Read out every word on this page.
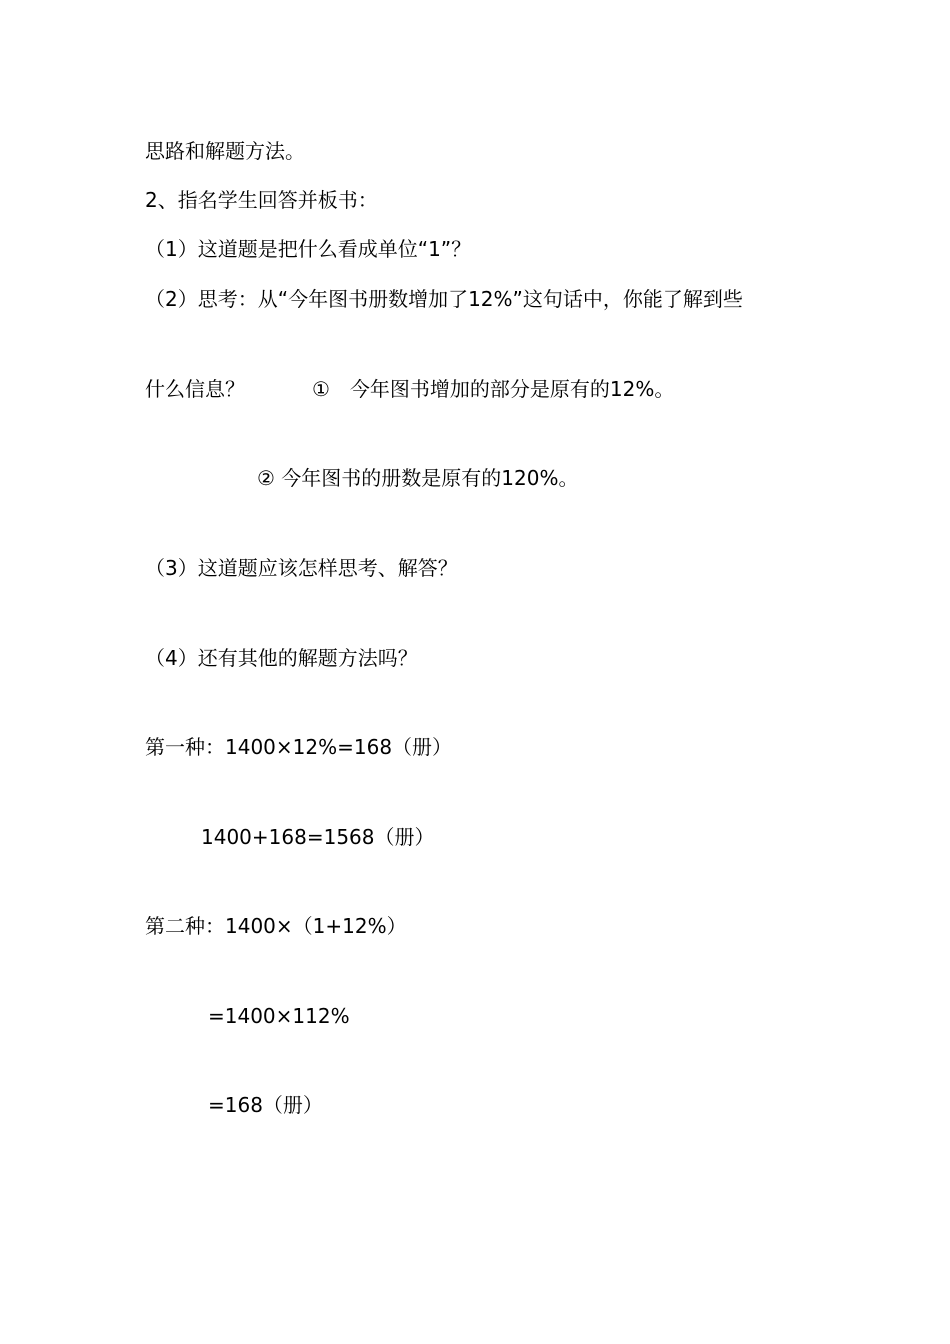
思路和解题方法。
2、指名学生回答并板书：
（1）这道题是把什么看成单位“1”？
（2）思考：从“今年图书册数增加了12%”这句话中，你能了解到些
什么信息？	①　今年图书增加的部分是原有的12%。
② 今年图书的册数是原有的120%。
（3）这道题应该怎样思考、解答？
（4）还有其他的解题方法吗？
第一种：1400×12%=168（册）
1400+168=1568（册）
第二种：1400×（1+12%）
=1400×112%
=168（册）
